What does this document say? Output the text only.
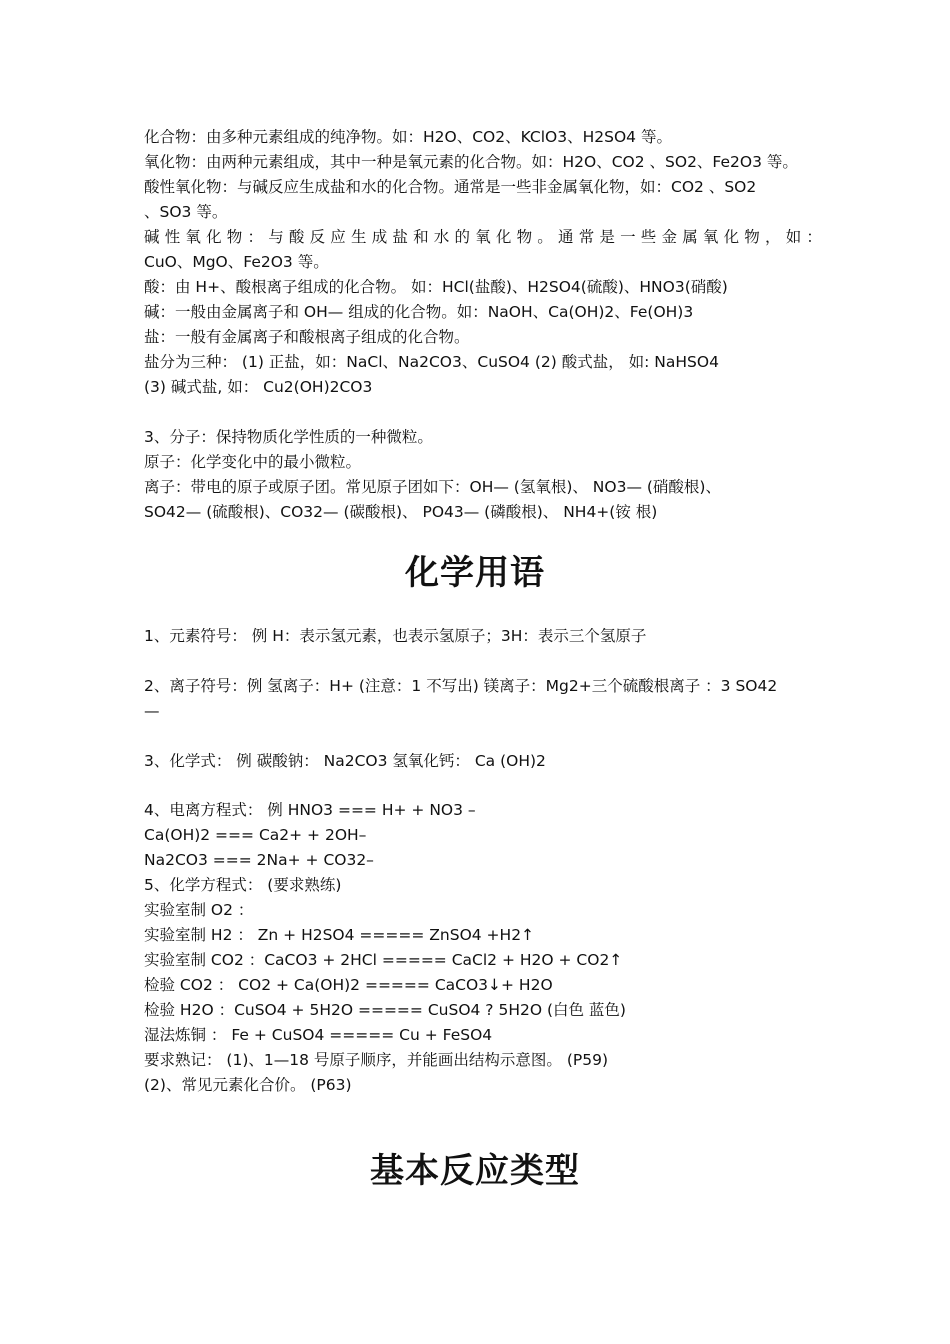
化合物：由多种元素组成的纯净物。如：H2O、CO2、KClO3、H2SO4 等。
氧化物：由两种元素组成，其中一种是氧元素的化合物。如：H2O、CO2 、SO2、Fe2O3 等。
酸性氧化物：与碱反应生成盐和水的化合物。通常是一些非金属氧化物，如：CO2 、SO2
、SO3 等。
碱性氧化物：与酸反应生成盐和水的氧化物。通常是一些金属氧化物，如：
CuO、MgO、Fe2O3 等。
酸：由 H+、酸根离子组成的化合物。 如：HCl(盐酸)、H2SO4(硫酸)、HNO3(硝酸)
碱：一般由金属离子和 OH— 组成的化合物。如：NaOH、Ca(OH)2、Fe(OH)3
盐：一般有金属离子和酸根离子组成的化合物。
盐分为三种： (1) 正盐，如：NaCl、Na2CO3、CuSO4 (2) 酸式盐， 如: NaHSO4
(3) 碱式盐, 如： Cu2(OH)2CO3
3、分子：保持物质化学性质的一种微粒。
原子：化学变化中的最小微粒。
离子：带电的原子或原子团。常见原子团如下：OH— (氢氧根)、 NO3— (硝酸根)、
SO42— (硫酸根)、CO32— (碳酸根)、 PO43— (磷酸根)、 NH4+(铵 根)
化学用语
1、元素符号： 例 H：表示氢元素，也表示氢原子；3H：表示三个氢原子
2、离子符号：例 氢离子：H+ (注意：1 不写出) 镁离子：Mg2+三个硫酸根离子 ：3 SO42
—
3、化学式： 例 碳酸钠： Na2CO3 氢氧化钙： Ca (OH)2
4、电离方程式： 例 HNO3 === H+ + NO3 –
Ca(OH)2 === Ca2+ + 2OH–
Na2CO3 === 2Na+ + CO32–
5、化学方程式： (要求熟练)
实验室制 O2 ：
实验室制 H2 ： Zn + H2SO4 ===== ZnSO4 +H2↑
实验室制 CO2 ：CaCO3 + 2HCl ===== CaCl2 + H2O + CO2↑
检验 CO2 ： CO2 + Ca(OH)2 ===== CaCO3↓+ H2O
检验 H2O ：CuSO4 + 5H2O ===== CuSO4 ? 5H2O (白色 蓝色)
湿法炼铜 ： Fe + CuSO4 ===== Cu + FeSO4
要求熟记： (1)、1—18 号原子顺序，并能画出结构示意图。 (P59)
(2)、常见元素化合价。 (P63)
基本反应类型
